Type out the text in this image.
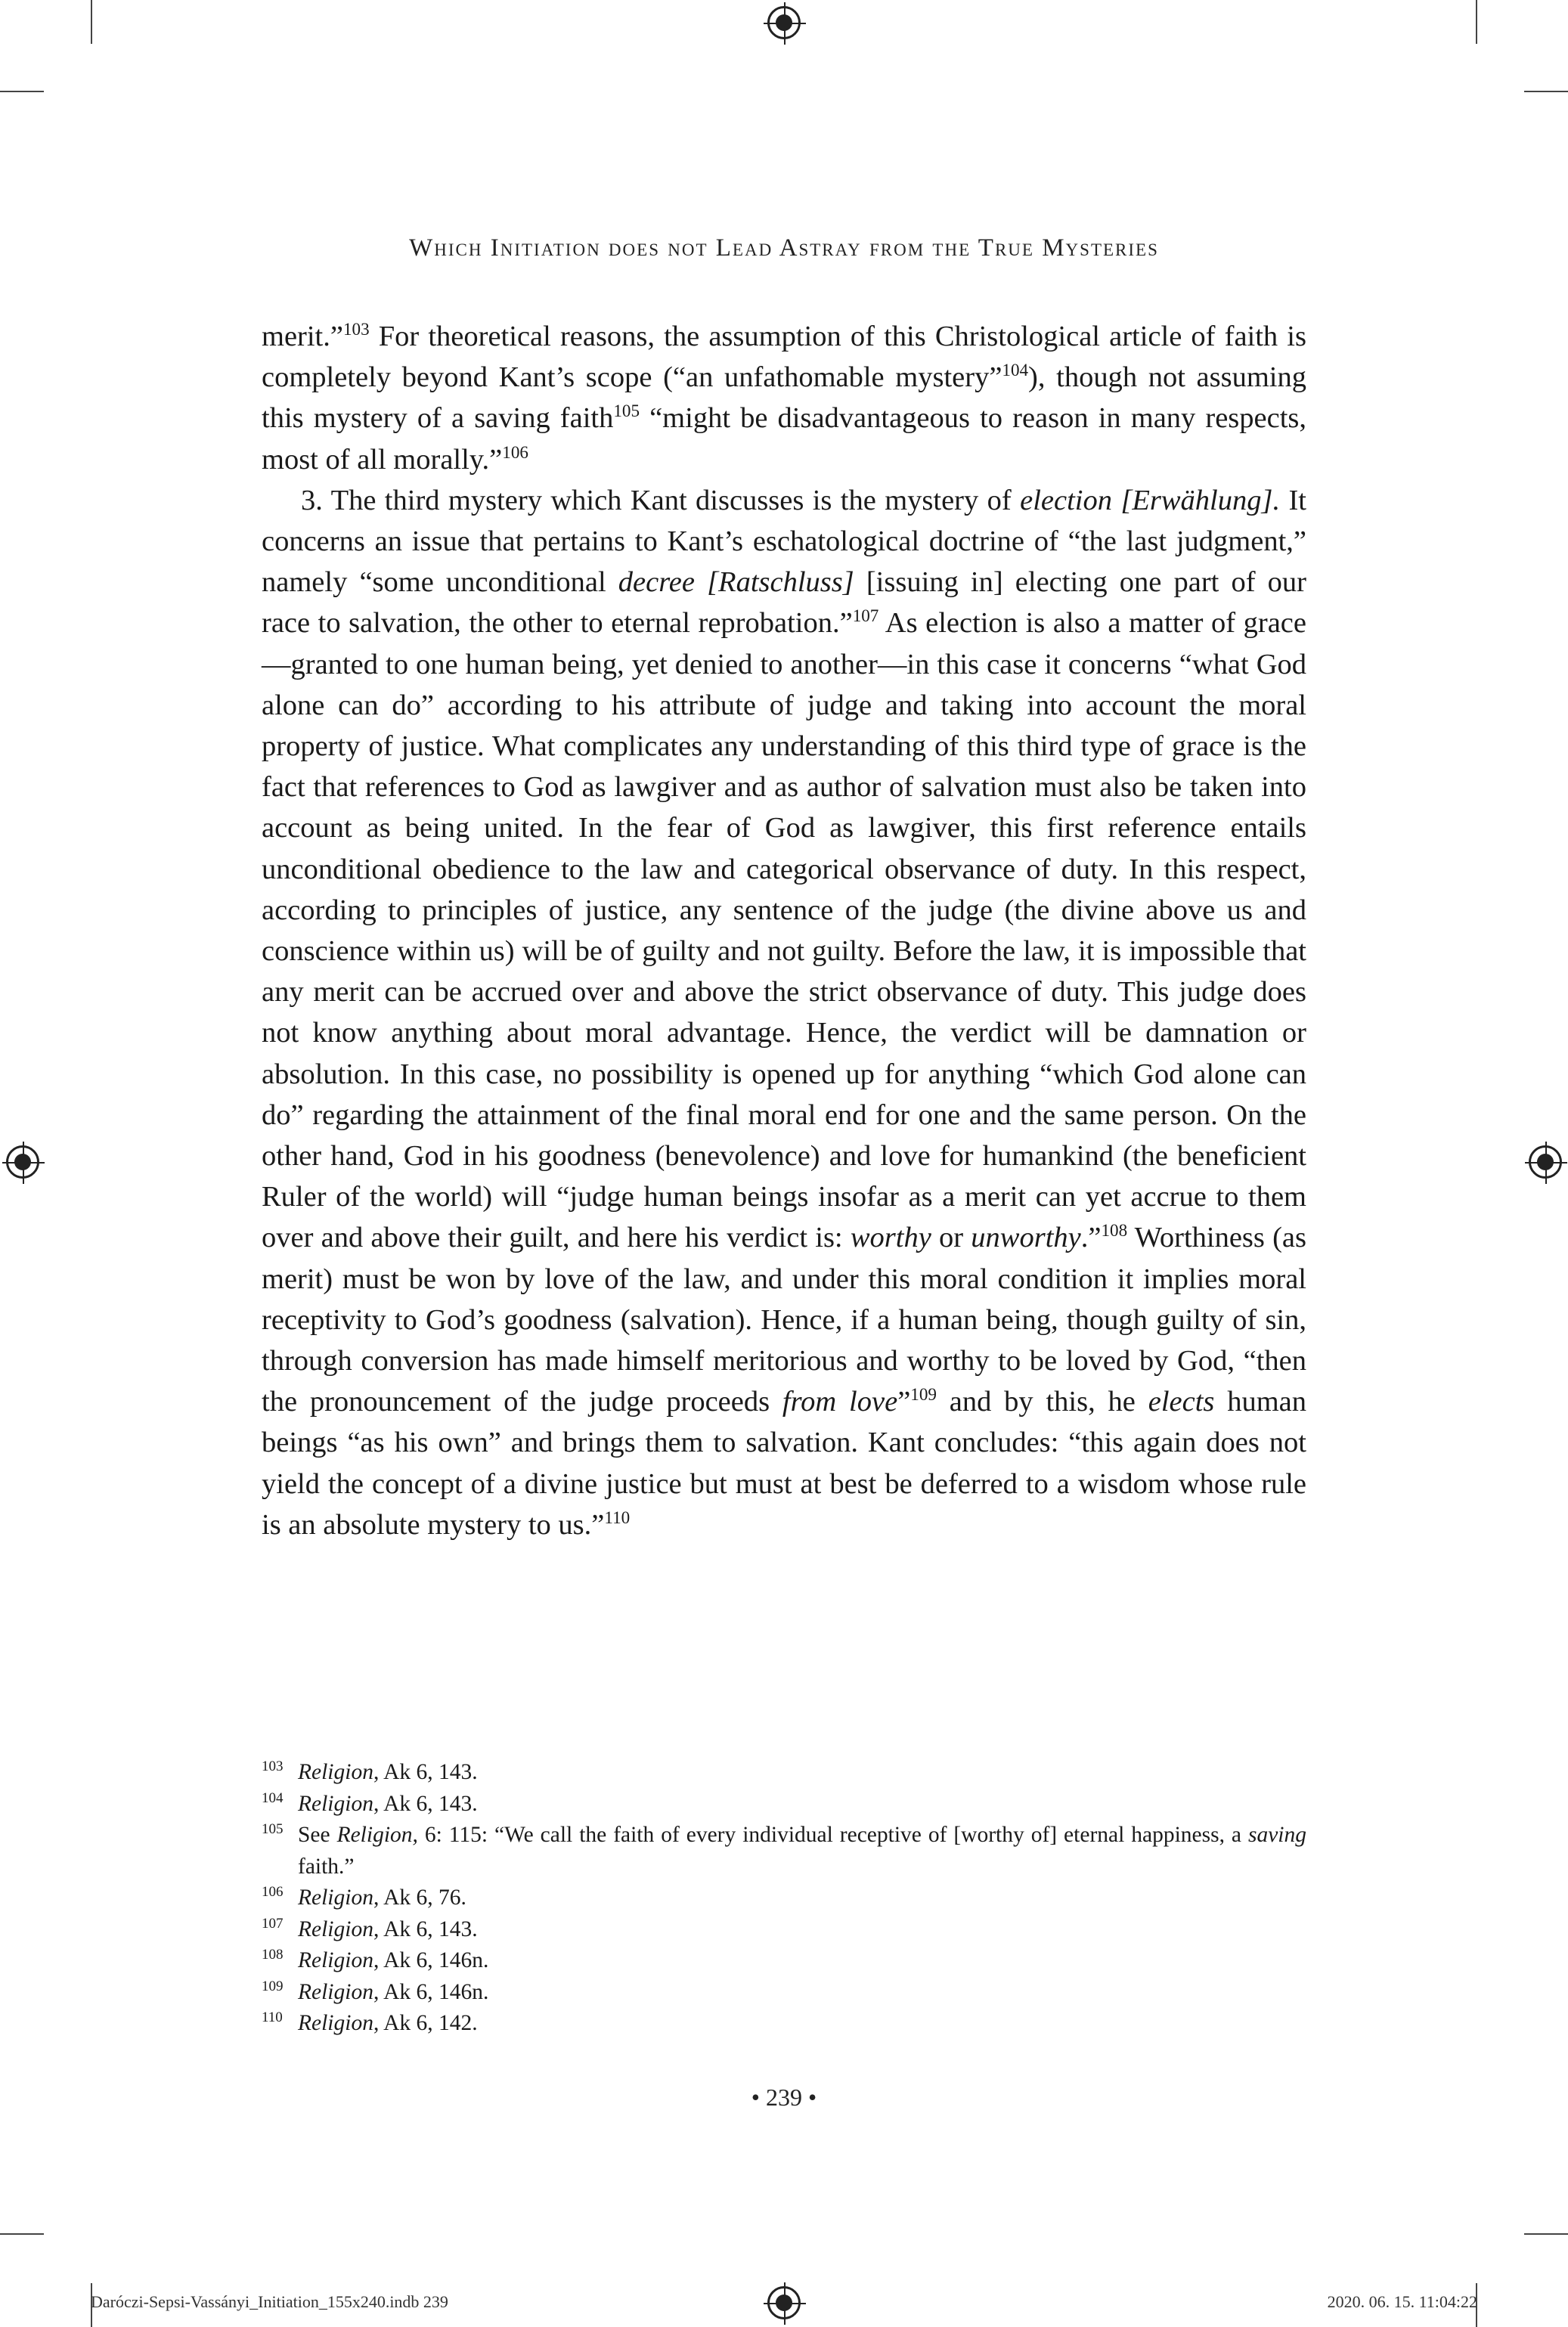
Which Initiation does not Lead Astray from the True Mysteries

merit.”$^{103}$ For theoretical reasons, the assumption of this Christological article of faith is completely beyond Kant’s scope (“an unfathomable mystery”$^{104}$), though not assuming this mystery of a saving faith$^{105}$ “might be disadvantageous to reason in many respects, most of all morally.”$^{106}$

3. The third mystery which Kant discusses is the mystery of election [Erwählung]. It concerns an issue that pertains to Kant’s eschatological doctrine of “the last judgment,” namely “some unconditional decree [Ratschluss] [issuing in] electing one part of our race to salvation, the other to eternal reprobation.”$^{107}$ As election is also a matter of grace—granted to one human being, yet denied to another—in this case it concerns “what God alone can do” according to his attribute of judge and taking into account the moral property of justice. What complicates any understanding of this third type of grace is the fact that references to God as lawgiver and as author of salvation must also be taken into account as being united. In the fear of God as lawgiver, this first reference entails unconditional obedience to the law and categorical observance of duty. In this respect, according to principles of justice, any sentence of the judge (the divine above us and conscience within us) will be of guilty and not guilty. Before the law, it is impossible that any merit can be accrued over and above the strict observance of duty. This judge does not know anything about moral advantage. Hence, the verdict will be damnation or absolution. In this case, no possibility is opened up for anything “which God alone can do” regarding the attainment of the final moral end for one and the same person. On the other hand, God in his goodness (benevolence) and love for humankind (the beneficient Ruler of the world) will “judge human beings insofar as a merit can yet accrue to them over and above their guilt, and here his verdict is: worthy or unworthy.”$^{108}$ Worthiness (as merit) must be won by love of the law, and under this moral condition it implies moral receptivity to God’s goodness (salvation). Hence, if a human being, though guilty of sin, through conversion has made himself meritorious and worthy to be loved by God, “then the pronouncement of the judge proceeds from love”$^{109}$ and by this, he elects human beings “as his own” and brings them to salvation. Kant concludes: “this again does not yield the concept of a divine justice but must at best be deferred to a wisdom whose rule is an absolute mystery to us.”$^{110}$

103 Religion, Ak 6, 143.
104 Religion, Ak 6, 143.
105 See Religion, 6: 115: “We call the faith of every individual receptive of [worthy of] eternal happiness, a saving faith.”
106 Religion, Ak 6, 76.
107 Religion, Ak 6, 143.
108 Religion, Ak 6, 146n.
109 Religion, Ak 6, 146n.
110 Religion, Ak 6, 142.
• 239 •
Daróczi-Sepsi-Vassányi_Initiation_155x240.indb 239	2020. 06. 15. 11:04:22
